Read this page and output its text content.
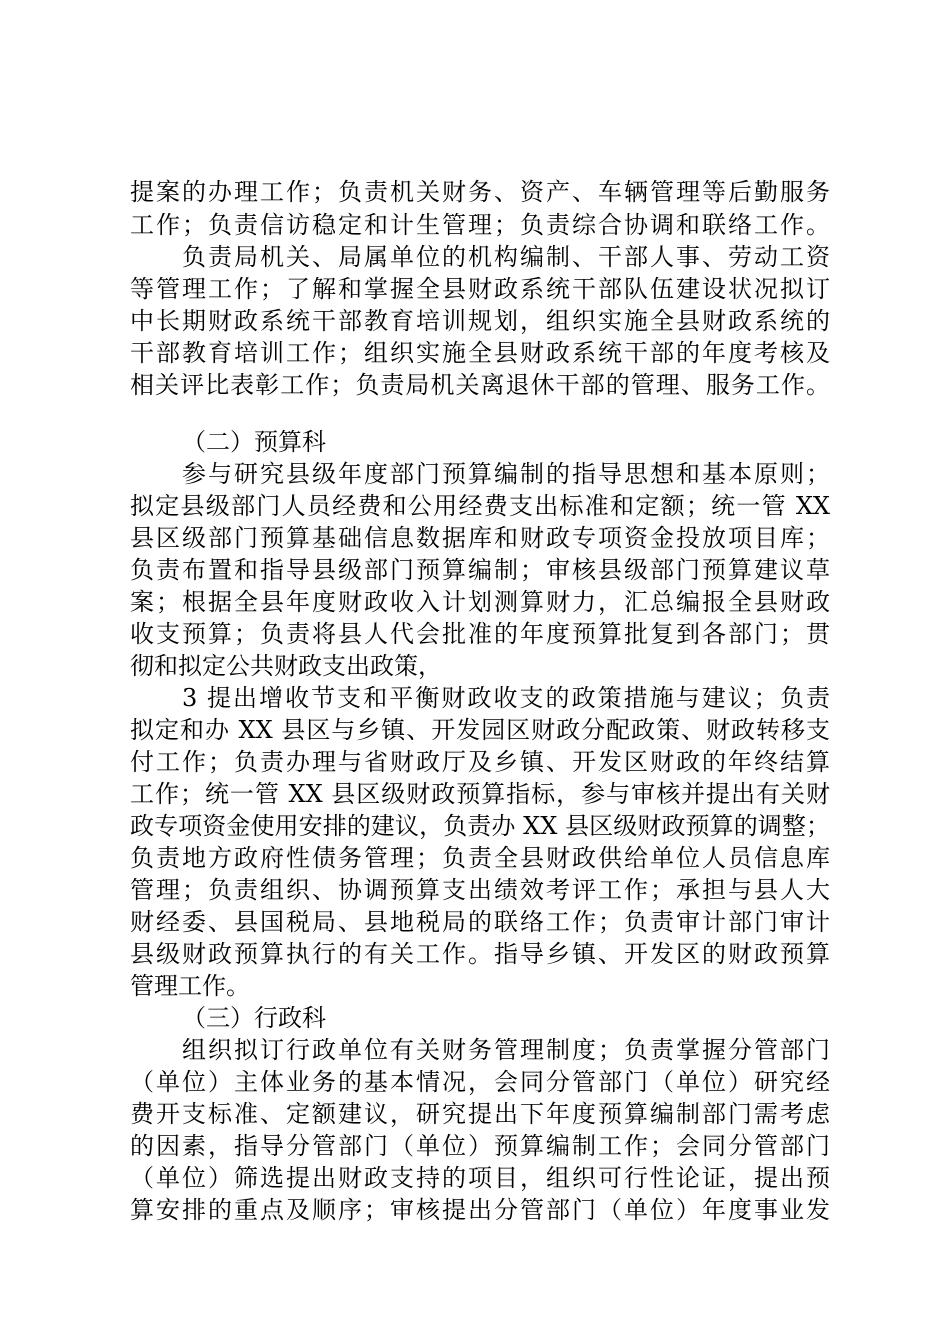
提案的办理工作；负责机关财务、资产、车辆管理等后勤服务
工作；负责信访稳定和计生管理；负责综合协调和联络工作。
负责局机关、局属单位的机构编制、干部人事、劳动工资
等管理工作；了解和掌握全县财政系统干部队伍建设状况拟订
中长期财政系统干部教育培训规划，组织实施全县财政系统的
干部教育培训工作；组织实施全县财政系统干部的年度考核及
相关评比表彰工作；负责局机关离退休干部的管理、服务工作。
（二）预算科
参与研究县级年度部门预算编制的指导思想和基本原则；
拟定县级部门人员经费和公用经费支出标准和定额；统一管 XX
县区级部门预算基础信息数据库和财政专项资金投放项目库；
负责布置和指导县级部门预算编制；审核县级部门预算建议草
案；根据全县年度财政收入计划测算财力，汇总编报全县财政
收支预算；负责将县人代会批准的年度预算批复到各部门；贯
彻和拟定公共财政支出政策，
3 提出增收节支和平衡财政收支的政策措施与建议；负责
拟定和办 XX 县区与乡镇、开发园区财政分配政策、财政转移支
付工作；负责办理与省财政厅及乡镇、开发区财政的年终结算
工作；统一管 XX 县区级财政预算指标，参与审核并提出有关财
政专项资金使用安排的建议，负责办 XX 县区级财政预算的调整；
负责地方政府性债务管理；负责全县财政供给单位人员信息库
管理；负责组织、协调预算支出绩效考评工作；承担与县人大
财经委、县国税局、县地税局的联络工作；负责审计部门审计
县级财政预算执行的有关工作。指导乡镇、开发区的财政预算
管理工作。
（三）行政科
组织拟订行政单位有关财务管理制度；负责掌握分管部门
（单位）主体业务的基本情况，会同分管部门（单位）研究经
费开支标准、定额建议，研究提出下年度预算编制部门需考虑
的因素，指导分管部门（单位）预算编制工作；会同分管部门
（单位）筛选提出财政支持的项目，组织可行性论证，提出预
算安排的重点及顺序；审核提出分管部门（单位）年度事业发
